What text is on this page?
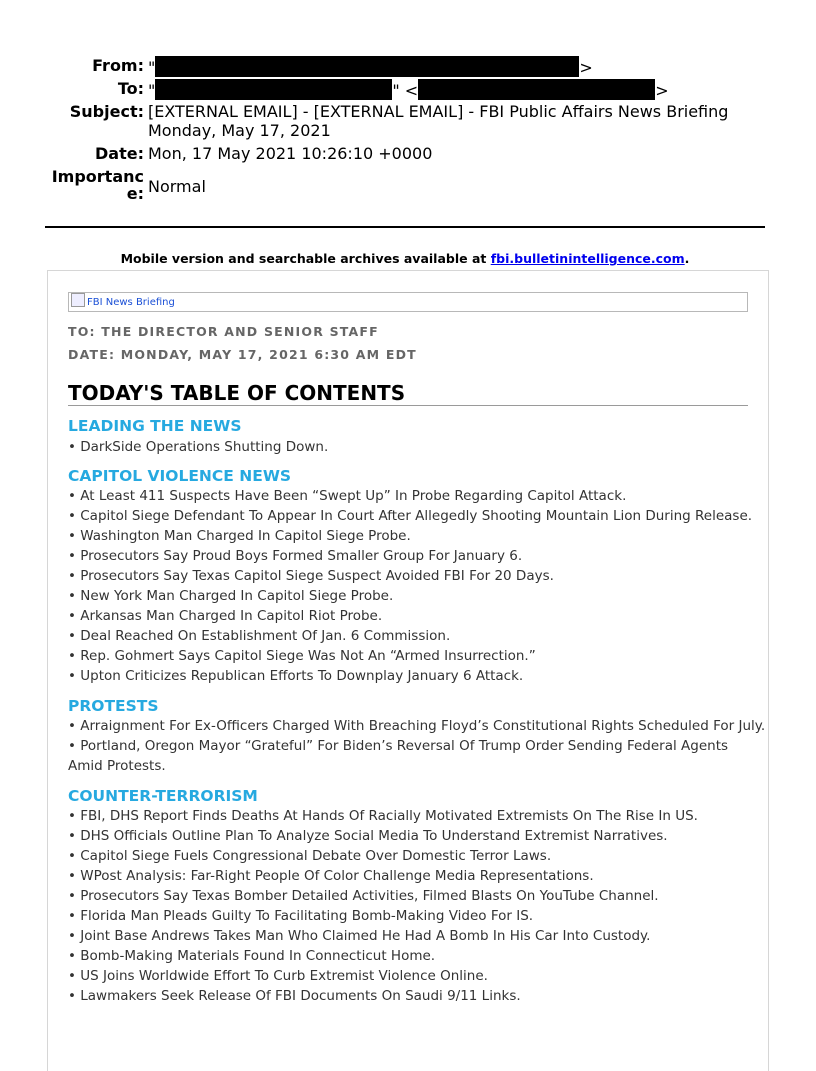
From: "	>
To: "	" <	>
Subject: [EXTERNAL EMAIL] - [EXTERNAL EMAIL] - FBI Public Affairs News Briefing
Monday, May 17, 2021
Date: Mon, 17 May 2021 10:26:10 +0000
Importanc
e: Normal
Mobile version and searchable archives available at fbi.bulletinintelligence.com.
FBI News Briefing
TO: THE DIRECTOR AND SENIOR STAFF
DATE: MONDAY, MAY 17, 2021 6:30 AM EDT
TODAY'S TABLE OF CONTENTS
LEADING THE NEWS
• DarkSide Operations Shutting Down.
CAPITOL VIOLENCE NEWS
• At Least 411 Suspects Have Been “Swept Up” In Probe Regarding Capitol Attack.
• Capitol Siege Defendant To Appear In Court After Allegedly Shooting Mountain Lion During Release.
• Washington Man Charged In Capitol Siege Probe.
• Prosecutors Say Proud Boys Formed Smaller Group For January 6.
• Prosecutors Say Texas Capitol Siege Suspect Avoided FBI For 20 Days.
• New York Man Charged In Capitol Siege Probe.
• Arkansas Man Charged In Capitol Riot Probe.
• Deal Reached On Establishment Of Jan. 6 Commission.
• Rep. Gohmert Says Capitol Siege Was Not An “Armed Insurrection.”
• Upton Criticizes Republican Efforts To Downplay January 6 Attack.
PROTESTS
• Arraignment For Ex-Officers Charged With Breaching Floyd’s Constitutional Rights Scheduled For July.
• Portland, Oregon Mayor “Grateful” For Biden’s Reversal Of Trump Order Sending Federal Agents Amid Protests.
COUNTER-TERRORISM
• FBI, DHS Report Finds Deaths At Hands Of Racially Motivated Extremists On The Rise In US.
• DHS Officials Outline Plan To Analyze Social Media To Understand Extremist Narratives.
• Capitol Siege Fuels Congressional Debate Over Domestic Terror Laws.
• WPost Analysis: Far-Right People Of Color Challenge Media Representations.
• Prosecutors Say Texas Bomber Detailed Activities, Filmed Blasts On YouTube Channel.
• Florida Man Pleads Guilty To Facilitating Bomb-Making Video For IS.
• Joint Base Andrews Takes Man Who Claimed He Had A Bomb In His Car Into Custody.
• Bomb-Making Materials Found In Connecticut Home.
• US Joins Worldwide Effort To Curb Extremist Violence Online.
• Lawmakers Seek Release Of FBI Documents On Saudi 9/11 Links.
